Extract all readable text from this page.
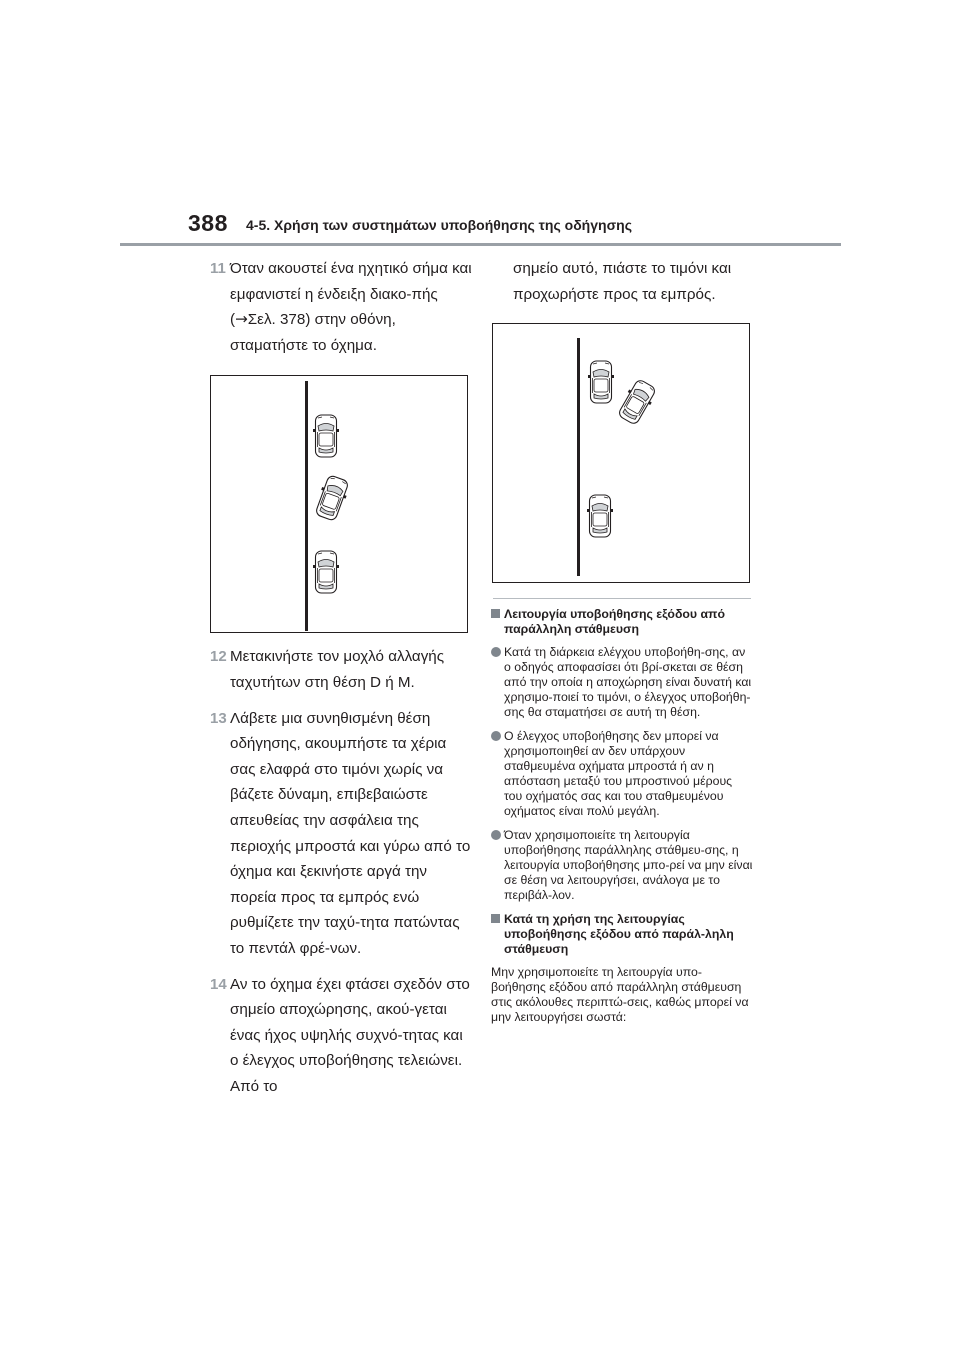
388 4-5. Χρήση των συστημάτων υποβοήθησης της οδήγησης
11 Όταν ακουστεί ένα ηχητικό σήμα και εμφανιστεί η ένδειξη διακο-πής (→Σελ. 378) στην οθόνη, σταματήστε το όχημα.
12 Μετακινήστε τον μοχλό αλλαγής ταχυτήτων στη θέση D ή M.
13 Λάβετε μια συνηθισμένη θέση οδήγησης, ακουμπήστε τα χέρια σας ελαφρά στο τιμόνι χωρίς να βάζετε δύναμη, επιβεβαιώστε απευθείας την ασφάλεια της περιοχής μπροστά και γύρω από το όχημα και ξεκινήστε αργά την πορεία προς τα εμπρός ενώ ρυθμίζετε την ταχύ-τητα πατώντας το πεντάλ φρέ-νων.
14 Αν το όχημα έχει φτάσει σχεδόν στο σημείο αποχώρησης, ακού-γεται ένας ήχος υψηλής συχνό-τητας και ο έλεγχος υποβοήθησης τελειώνει. Από το
σημείο αυτό, πιάστε το τιμόνι και προχωρήστε προς τα εμπρός.
Λειτουργία υποβοήθησης εξόδου από παράλληλη στάθμευση
Κατά τη διάρκεια ελέγχου υποβοήθη-σης, αν ο οδηγός αποφασίσει ότι βρί-σκεται σε θέση από την οποία η αποχώρηση είναι δυνατή και χρησιμο-ποιεί το τιμόνι, ο έλεγχος υποβοήθη-σης θα σταματήσει σε αυτή τη θέση.
Ο έλεγχος υποβοήθησης δεν μπορεί να χρησιμοποιηθεί αν δεν υπάρχουν σταθμευμένα οχήματα μπροστά ή αν η απόσταση μεταξύ του μπροστινού μέρους του οχήματός σας και του σταθμευμένου οχήματος είναι πολύ μεγάλη.
Όταν χρησιμοποιείτε τη λειτουργία υποβοήθησης παράλληλης στάθμευ-σης, η λειτουργία υποβοήθησης μπο-ρεί να μην είναι σε θέση να λειτουργήσει, ανάλογα με το περιβάλ-λον.
Κατά τη χρήση της λειτουργίας υποβοήθησης εξόδου από παράλ-ληλη στάθμευση
Μην χρησιμοποιείτε τη λειτουργία υπο-βοήθησης εξόδου από παράλληλη στάθμευση στις ακόλουθες περιπτώ-σεις, καθώς μπορεί να μην λειτουργήσει σωστά:
